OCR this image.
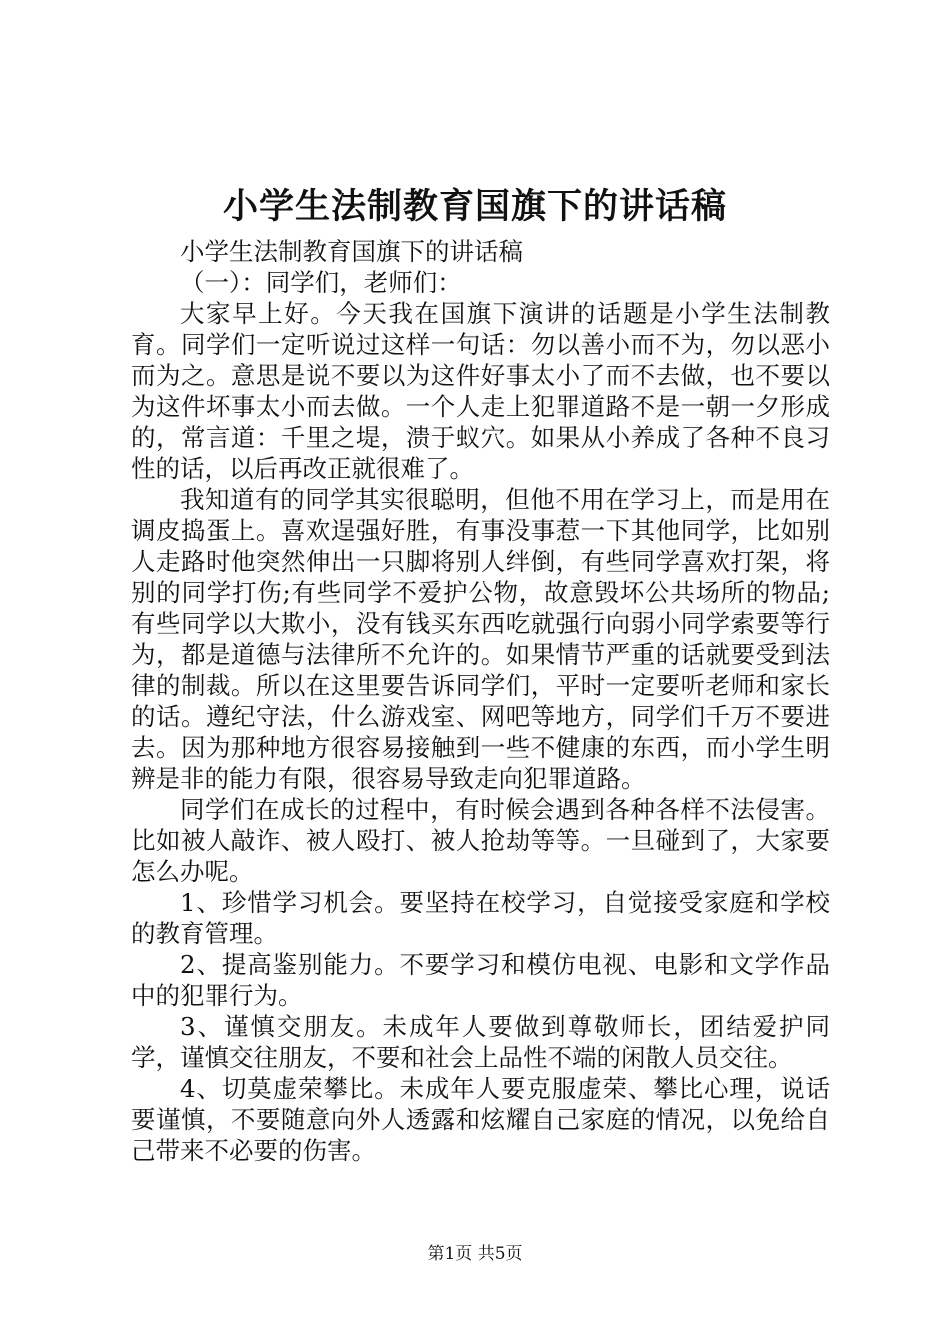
小学生法制教育国旗下的讲话稿

小学生法制教育国旗下的讲话稿

（一）：同学们，老师们：

大家早上好。今天我在国旗下演讲的话题是小学生法制教育。同学们一定听说过这样一句话：勿以善小而不为，勿以恶小而为之。意思是说不要以为这件好事太小了而不去做，也不要以为这件坏事太小而去做。一个人走上犯罪道路不是一朝一夕形成的，常言道：千里之堤，溃于蚁穴。如果从小养成了各种不良习性的话，以后再改正就很难了。

我知道有的同学其实很聪明，但他不用在学习上，而是用在调皮捣蛋上。喜欢逞强好胜，有事没事惹一下其他同学，比如别人走路时他突然伸出一只脚将别人绊倒，有些同学喜欢打架，将别的同学打伤;有些同学不爱护公物，故意毁坏公共场所的物品;有些同学以大欺小，没有钱买东西吃就强行向弱小同学索要等行为，都是道德与法律所不允许的。如果情节严重的话就要受到法律的制裁。所以在这里要告诉同学们，平时一定要听老师和家长的话。遵纪守法，什么游戏室、网吧等地方，同学们千万不要进去。因为那种地方很容易接触到一些不健康的东西，而小学生明辨是非的能力有限，很容易导致走向犯罪道路。

同学们在成长的过程中，有时候会遇到各种各样不法侵害。比如被人敲诈、被人殴打、被人抢劫等等。一旦碰到了，大家要怎么办呢。

1、珍惜学习机会。要坚持在校学习，自觉接受家庭和学校的教育管理。

2、提高鉴别能力。不要学习和模仿电视、电影和文学作品中的犯罪行为。

3、谨慎交朋友。未成年人要做到尊敬师长，团结爱护同学，谨慎交往朋友，不要和社会上品性不端的闲散人员交往。

4、切莫虚荣攀比。未成年人要克服虚荣、攀比心理，说话要谨慎，不要随意向外人透露和炫耀自己家庭的情况，以免给自己带来不必要的伤害。

第1页 共5页
